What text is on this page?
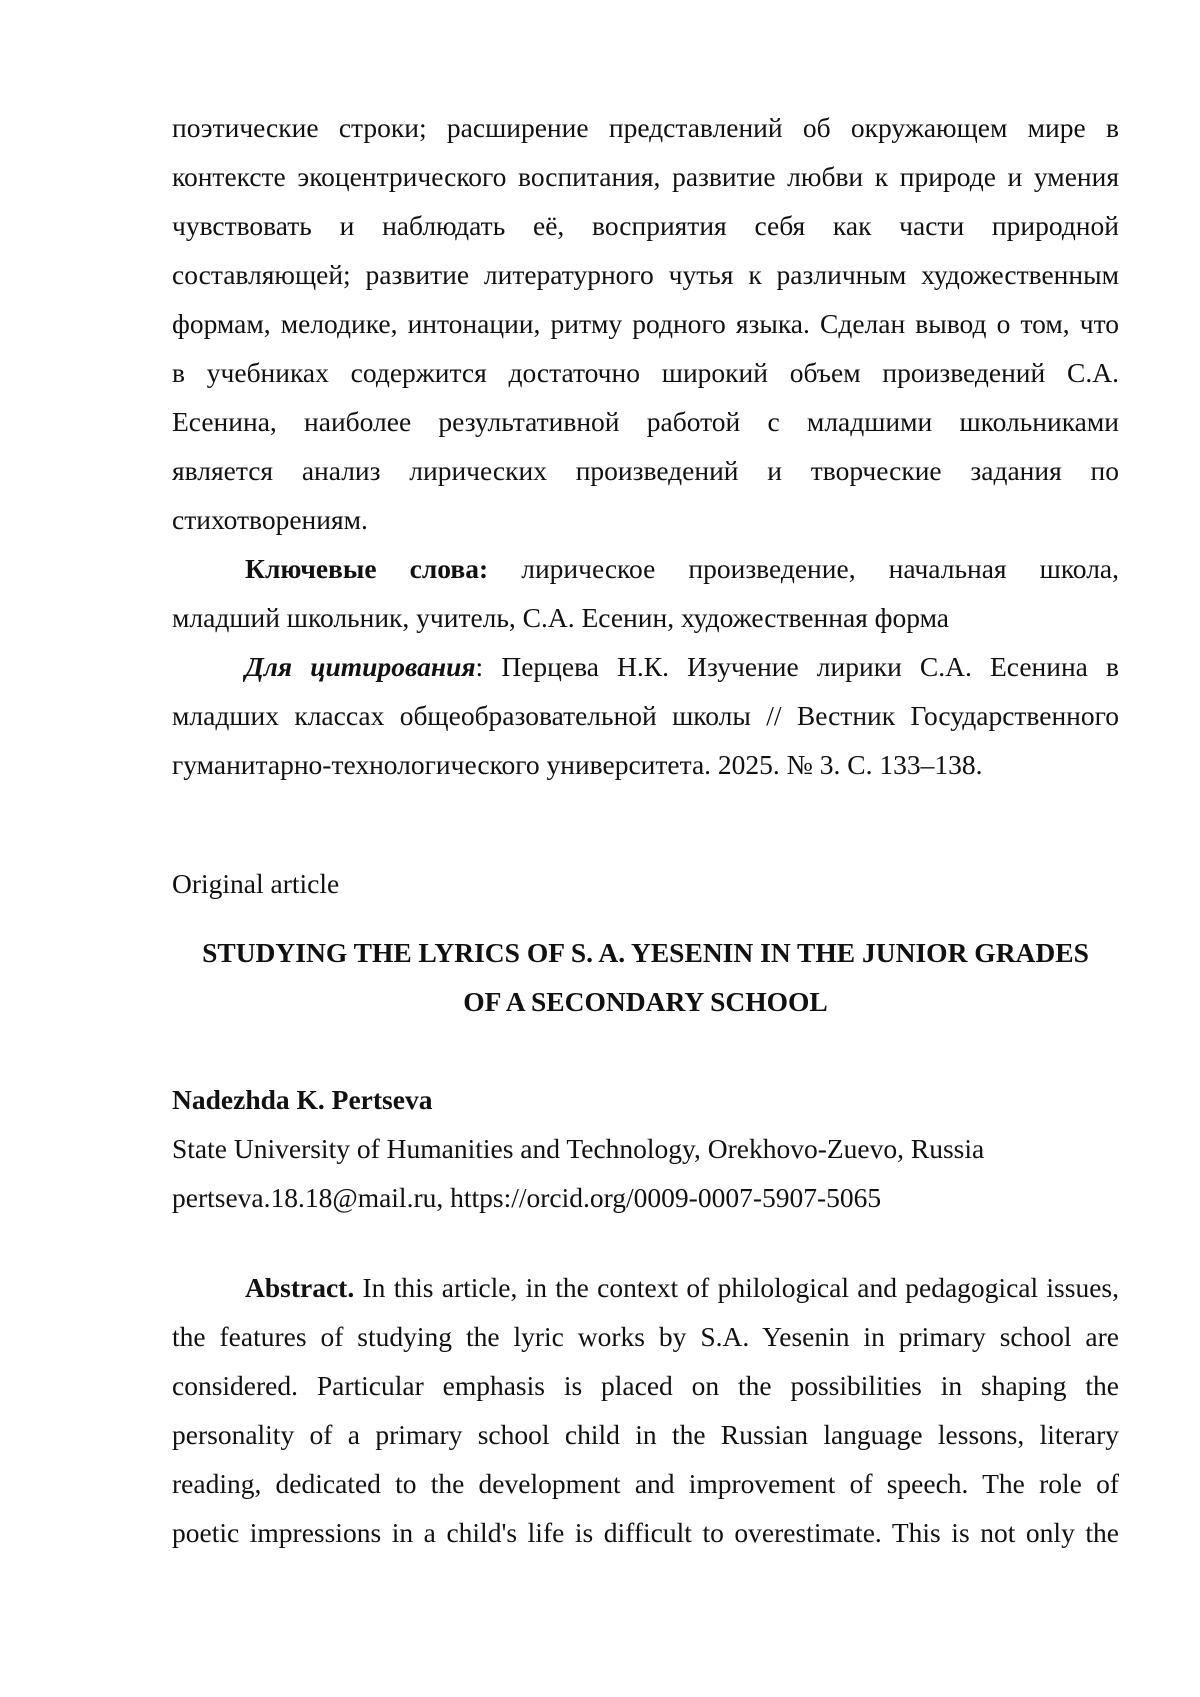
поэтические строки; расширение представлений об окружающем мире в
контексте экоцентрического воспитания, развитие любви к природе и умения
чувствовать и наблюдать её, восприятия себя как части природной
составляющей; развитие литературного чутья к различным художественным
формам, мелодике, интонации, ритму родного языка. Сделан вывод о том, что
в учебниках содержится достаточно широкий объем произведений С.А.
Есенина, наиболее результативной работой с младшими школьниками
является анализ лирических произведений и творческие задания по
стихотворениям.
Ключевые слова: лирическое произведение, начальная школа,
младший школьник, учитель, С.А. Есенин, художественная форма
Для цитирования: Перцева Н.К. Изучение лирики С.А. Есенина в
младших классах общеобразовательной школы // Вестник Государственного
гуманитарно-технологического университета. 2025. № 3. С. 133–138.
Original article
STUDYING THE LYRICS OF S. A. YESENIN IN THE JUNIOR GRADES
OF A SECONDARY SCHOOL
Nadezhda K. Pertseva
State University of Humanities and Technology, Orekhovo-Zuevo, Russia
pertseva.18.18@mail.ru, https://orcid.org/0009-0007-5907-5065
Abstract. In this article, in the context of philological and pedagogical issues,
the features of studying the lyric works by S.A. Yesenin in primary school are
considered. Particular emphasis is placed on the possibilities in shaping the
personality of a primary school child in the Russian language lessons, literary
reading, dedicated to the development and improvement of speech. The role of
poetic impressions in a child's life is difficult to overestimate. This is not only the
